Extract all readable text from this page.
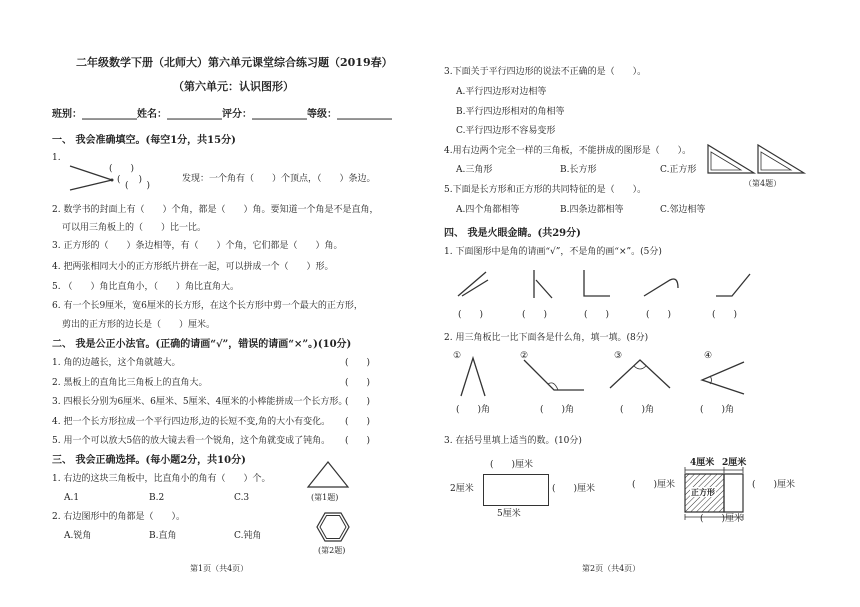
二年级数学下册（北师大）第六单元课堂综合练习题（2019春）
（第六单元：认识图形）
班别：___________姓名：___________评分：___________等级：___________
一、 我会准确填空。(每空1分，共15分)
1.
(　　)
(　　)
(　　)
发现：一个角有（　　）个顶点，（　　）条边。
2. 数学书的封面上有（　　）个角，都是（　　）角。要知道一个角是不是直角，
可以用三角板上的（　　）比一比。
3. 正方形的（　　）条边相等，有（　　）个角，它们都是（　　）角。
4. 把两张相同大小的正方形纸片拼在一起，可以拼成一个（　　）形。
5. （　　）角比直角小，（　　）角比直角大。
6. 有一个长9厘米，宽6厘米的长方形，在这个长方形中剪一个最大的正方形，
剪出的正方形的边长是（　　）厘米。
二、 我是公正小法官。(正确的请画“√”，错误的请画“×”。)(10分)
1. 角的边越长，这个角就越大。	(　　)
2. 黑板上的直角比三角板上的直角大。	(　　)
3. 四根长分别为6厘米、6厘米、5厘米、4厘米的小棒能拼成一个长方形。
(　　)
4. 把一个长方形拉成一个平行四边形,边的长短不变,角的大小有变化。 (　　)
5. 用一个可以放大5倍的放大镜去看一个锐角，这个角就变成了钝角。 (　　)
三、 我会正确选择。(每小题2分，共10分)
1. 右边的这块三角板中，比直角小的角有（　　）个。
A.1	B.2	C.3	(第1题)
2. 右边图形中的角都是（　　）。
A.锐角	B.直角	C.钝角
(第2题)
第1页（共4页）
3.下面关于平行四边形的说法不正确的是（　　）。
A.平行四边形对边相等
B.平行四边形相对的角相等
C.平行四边形不容易变形
4.用右边两个完全一样的三角板，不能拼成的图形是（　　）。
A.三角形	B.长方形	C.正方形
（第4题）
5.下面是长方形和正方形的共同特征的是（　　）。
A.四个角都相等	B.四条边都相等	C.邻边相等
四、 我是火眼金睛。(共29分)
1. 下面图形中是角的请画“√”，不是角的画“×”。(5分)
(　　)	(　　)	(　　)	(　　)	(　　)
2. 用三角板比一比下面各是什么角，填一填。(8分)
①	②	③	④
(　　)角	(　　)角	(　　)角	(　　)角
3. 在括号里填上适当的数。(10分)
(　　)厘米
2厘米	(　　)厘米
5厘米
4厘米 2厘米
正方形
(　　)厘米	(　　)厘米
(　　)厘米
第2页（共4页）
